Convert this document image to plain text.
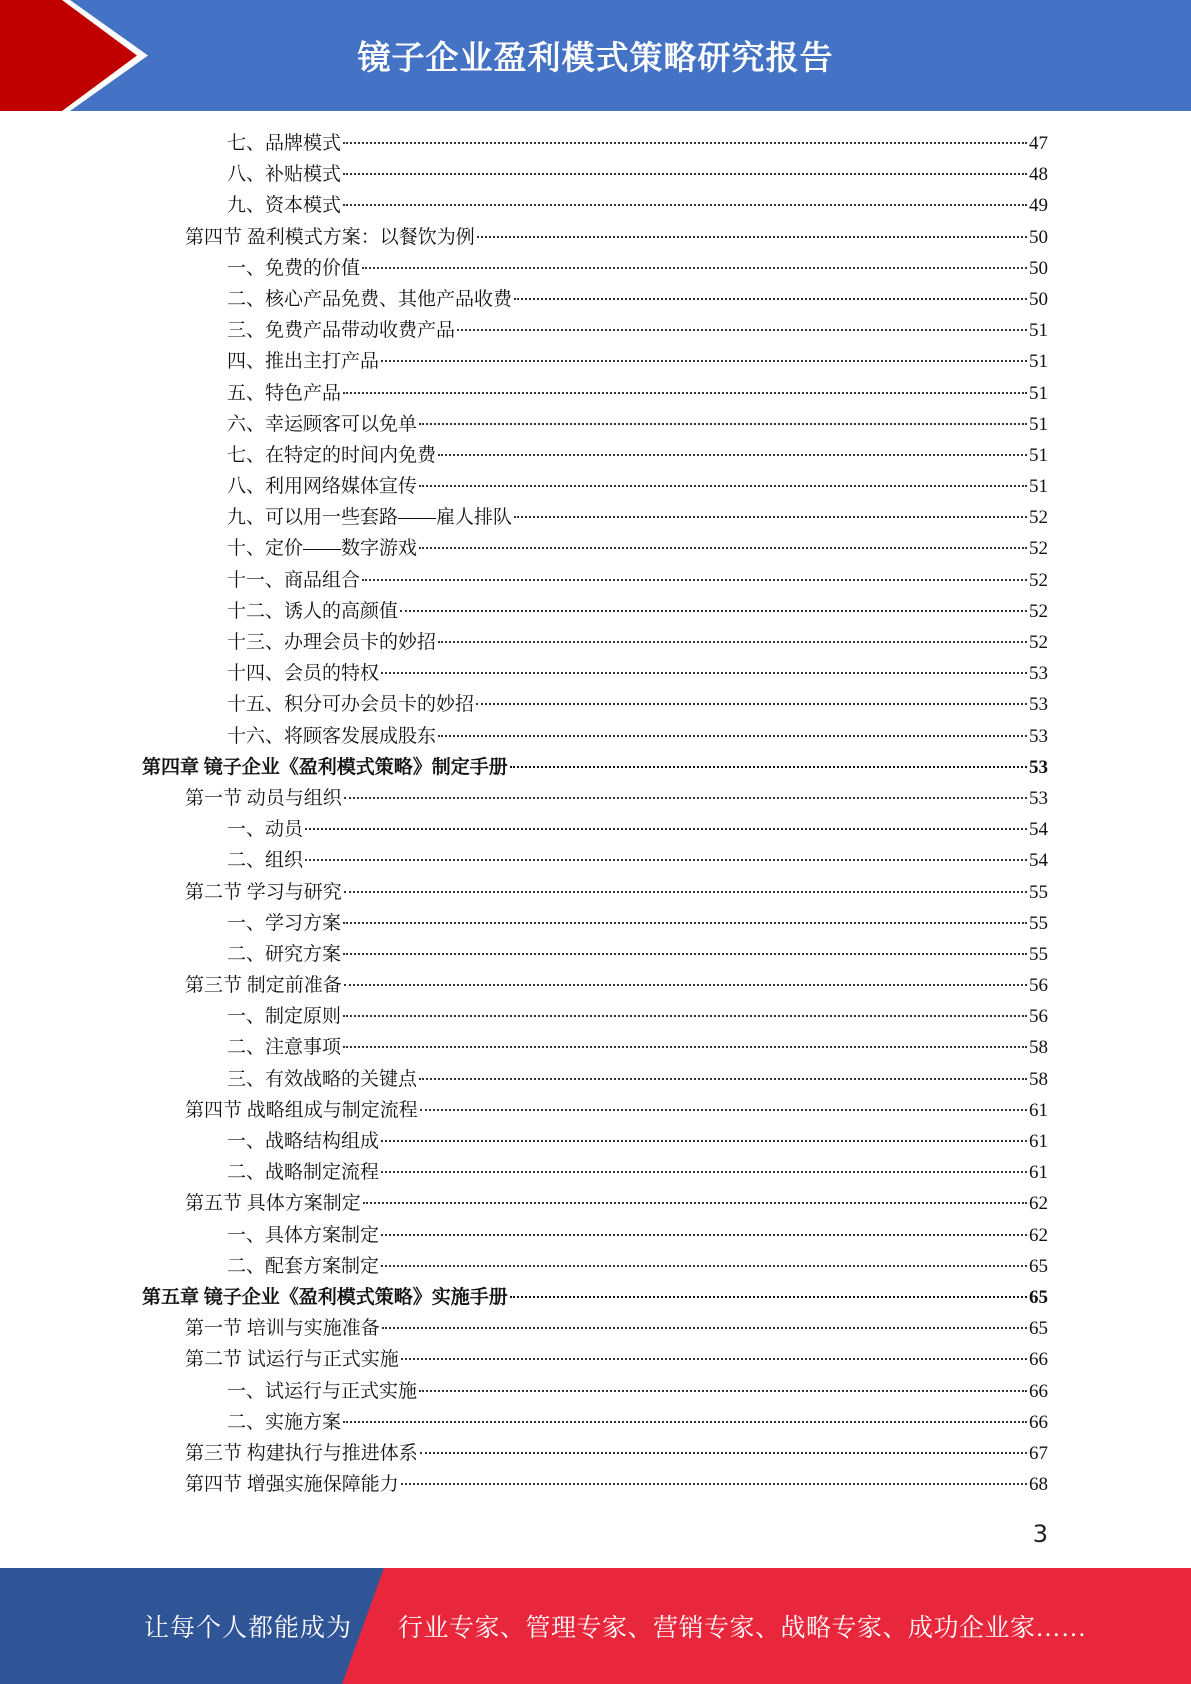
镜子企业盈利模式策略研究报告
七、品牌模式	47
八、补贴模式	48
九、资本模式	49
第四节 盈利模式方案：以餐饮为例	50
一、免费的价值	50
二、核心产品免费、其他产品收费	50
三、免费产品带动收费产品	51
四、推出主打产品	51
五、特色产品	51
六、幸运顾客可以免单	51
七、在特定的时间内免费	51
八、利用网络媒体宣传	51
九、可以用一些套路——雇人排队	52
十、定价——数字游戏	52
十一、商品组合	52
十二、诱人的高颜值	52
十三、办理会员卡的妙招	52
十四、会员的特权	53
十五、积分可办会员卡的妙招	53
十六、将顾客发展成股东	53
第四章 镜子企业《盈利模式策略》制定手册	53
第一节 动员与组织	53
一、动员	54
二、组织	54
第二节 学习与研究	55
一、学习方案	55
二、研究方案	55
第三节 制定前准备	56
一、制定原则	56
二、注意事项	58
三、有效战略的关键点	58
第四节 战略组成与制定流程	61
一、战略结构组成	61
二、战略制定流程	61
第五节 具体方案制定	62
一、具体方案制定	62
二、配套方案制定	65
第五章 镜子企业《盈利模式策略》实施手册	65
第一节 培训与实施准备	65
第二节 试运行与正式实施	66
一、试运行与正式实施	66
二、实施方案	66
第三节 构建执行与推进体系	67
第四节 增强实施保障能力	68
3
让每个人都能成为 行业专家、管理专家、营销专家、战略专家、成功企业家……
